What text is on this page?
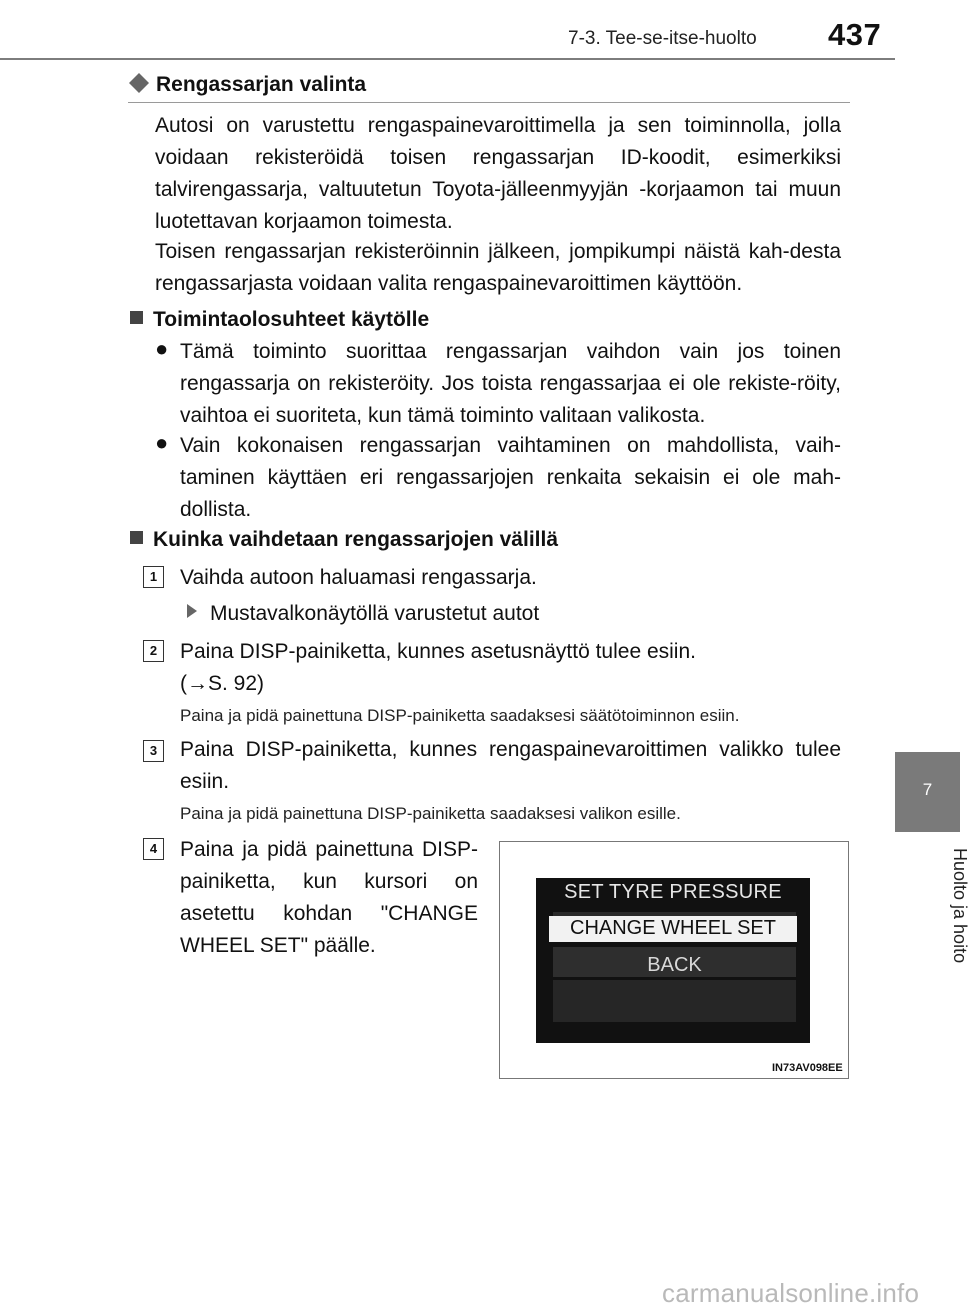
7-3. Tee-se-itse-huolto 437
7
Huolto ja hoito
Rengassarjan valinta
Autosi on varustettu rengaspainevaroittimella ja sen toiminnolla, jolla voidaan rekisteröidä toisen rengassarjan ID-koodit, esimerkiksi talvirengassarja, valtuutetun Toyota-jälleenmyyjän -korjaamon tai muun luotettavan korjaamon toimesta.
Toisen rengassarjan rekisteröinnin jälkeen, jompikumpi näistä kah-desta rengassarjasta voidaan valita rengaspainevaroittimen käyttöön.
Toimintaolosuhteet käytölle
● Tämä toiminto suorittaa rengassarjan vaihdon vain jos toinen rengassarja on rekisteröity. Jos toista rengassarjaa ei ole rekiste-röity, vaihtoa ei suoriteta, kun tämä toiminto valitaan valikosta.
● Vain kokonaisen rengassarjan vaihtaminen on mahdollista, vaih-taminen käyttäen eri rengassarjojen renkaita sekaisin ei ole mah-dollista.
Kuinka vaihdetaan rengassarjojen välillä
1	Vaihda autoon haluamasi rengassarja.
Mustavalkonäytöllä varustetut autot
2	Paina DISP-painiketta, kunnes asetusnäyttö tulee esiin.
(→S. 92)
Paina ja pidä painettuna DISP-painiketta saadaksesi säätötoiminnon esiin.
3	Paina DISP-painiketta, kunnes rengaspainevaroittimen valikko tulee esiin.
Paina ja pidä painettuna DISP-painiketta saadaksesi valikon esille.
4	Paina ja pidä painettuna DISP-painiketta, kun kursori on asetettu kohdan "CHANGE WHEEL SET" päälle.
SET TYRE PRESSURE
CHANGE WHEEL SET
BACK
IN73AV098EE
carmanualsonline.info
